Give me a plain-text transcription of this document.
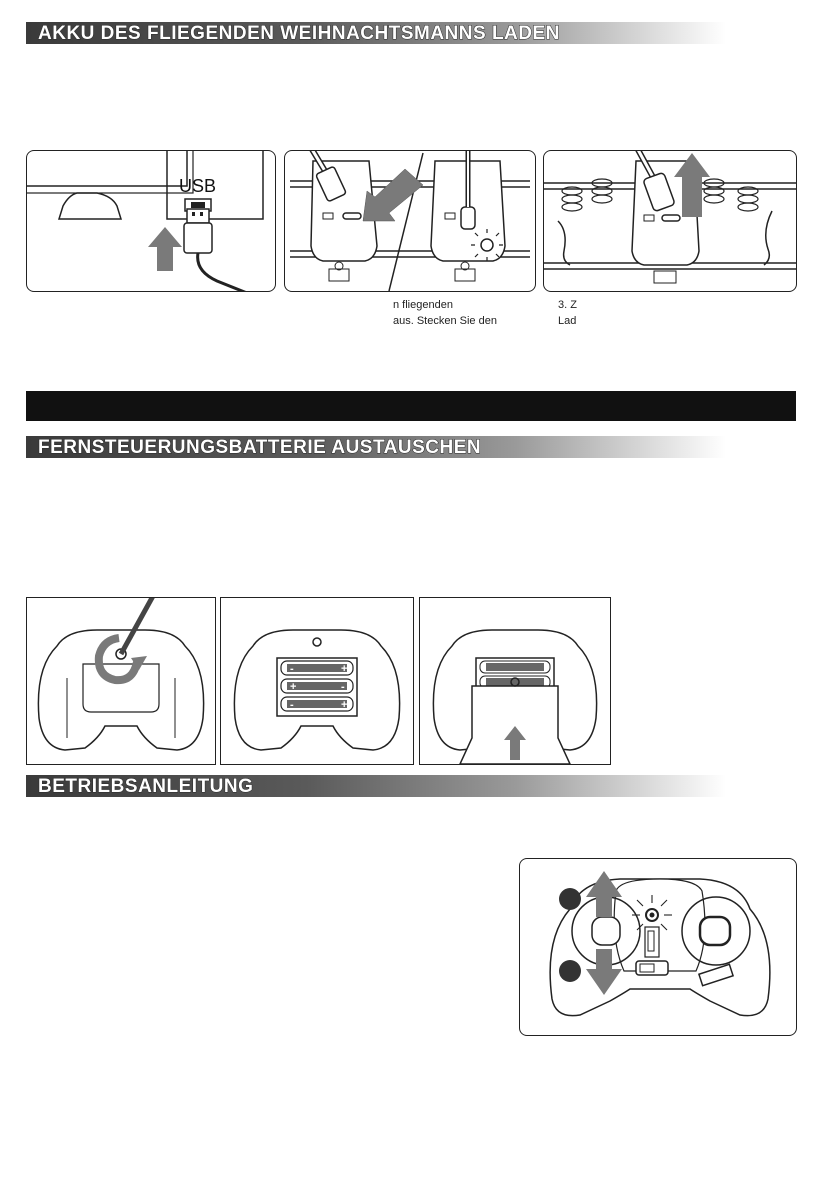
AKKU DES FLIEGENDEN WEIHNACHTSMANNS LADEN
USB
n fliegenden
aus. Stecken Sie den
3. Z
Lad
FERNSTEUERUNGSBATTERIE AUSTAUSCHEN
-	+
+	-
-	+
BETRIEBSANLEITUNG
